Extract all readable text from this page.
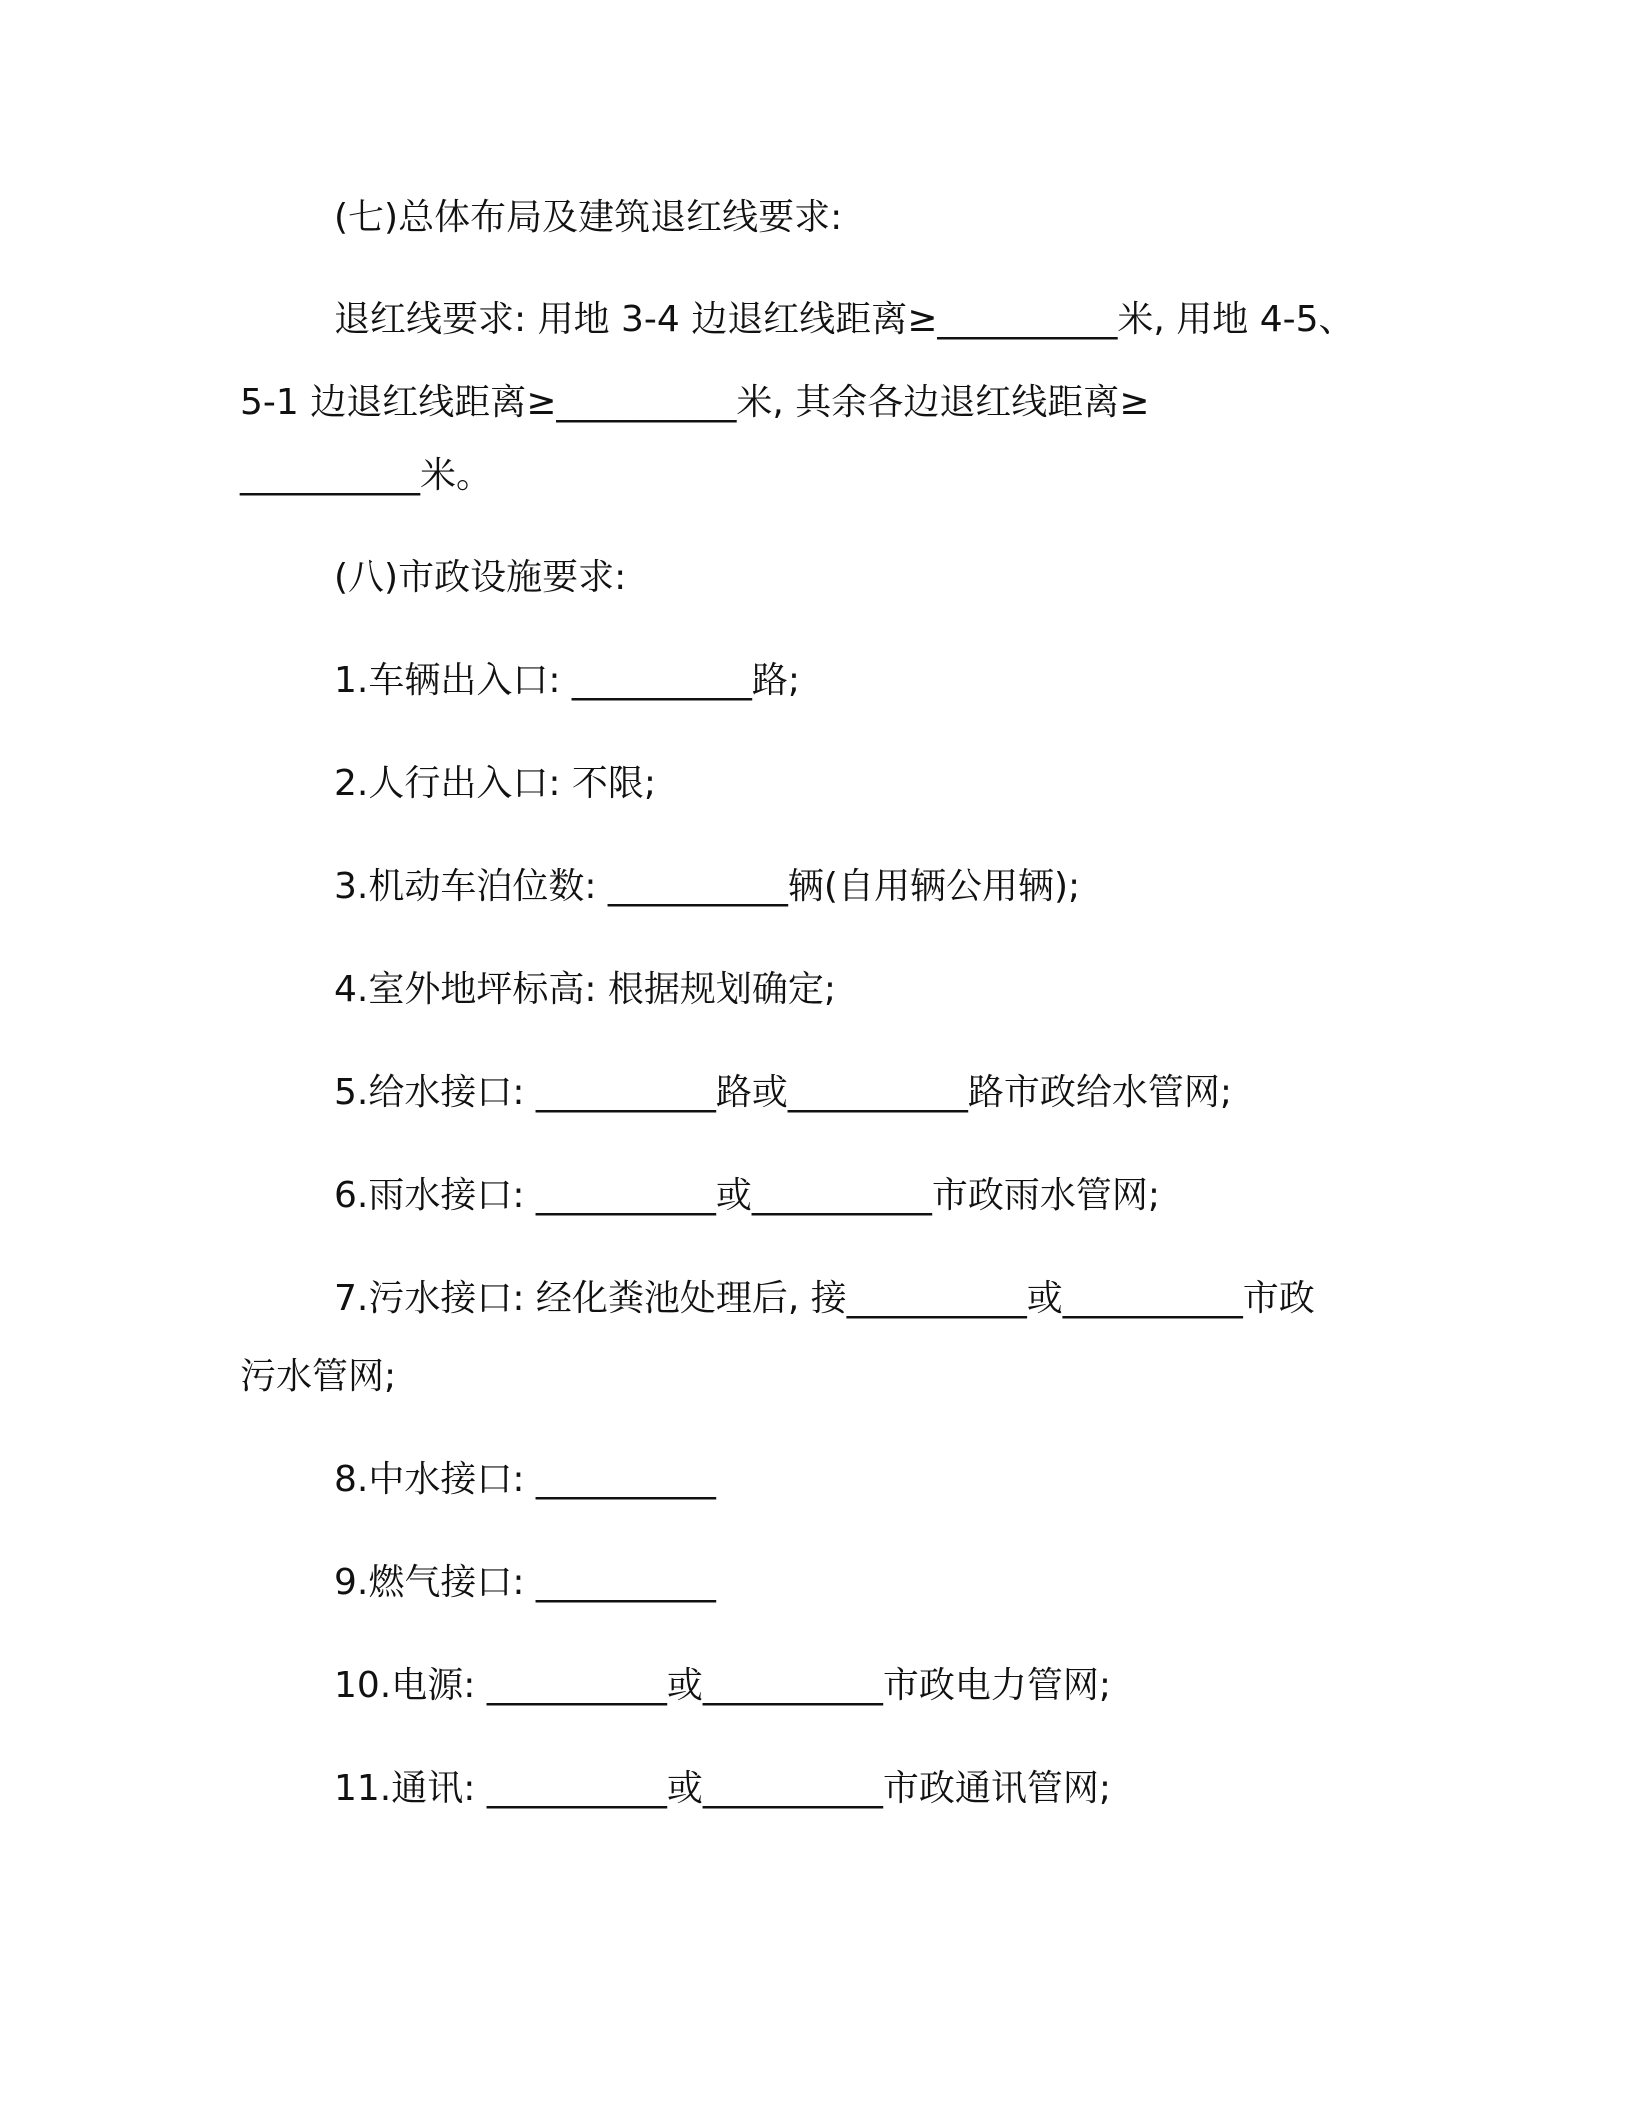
(七)总体布局及建筑退红线要求:
退红线要求: 用地 3-4 边退红线距离≥__________米, 用地 4-5、
5-1 边退红线距离≥__________米, 其余各边退红线距离≥
__________米。
(八)市政设施要求:
1.车辆出入口: __________路;
2.人行出入口: 不限;
3.机动车泊位数: __________辆(自用辆公用辆);
4.室外地坪标高: 根据规划确定;
5.给水接口: __________路或__________路市政给水管网;
6.雨水接口: __________或__________市政雨水管网;
7.污水接口: 经化粪池处理后, 接__________或__________市政
污水管网;
8.中水接口: __________
9.燃气接口: __________
10.电源: __________或__________市政电力管网;
11.通讯: __________或__________市政通讯管网;
